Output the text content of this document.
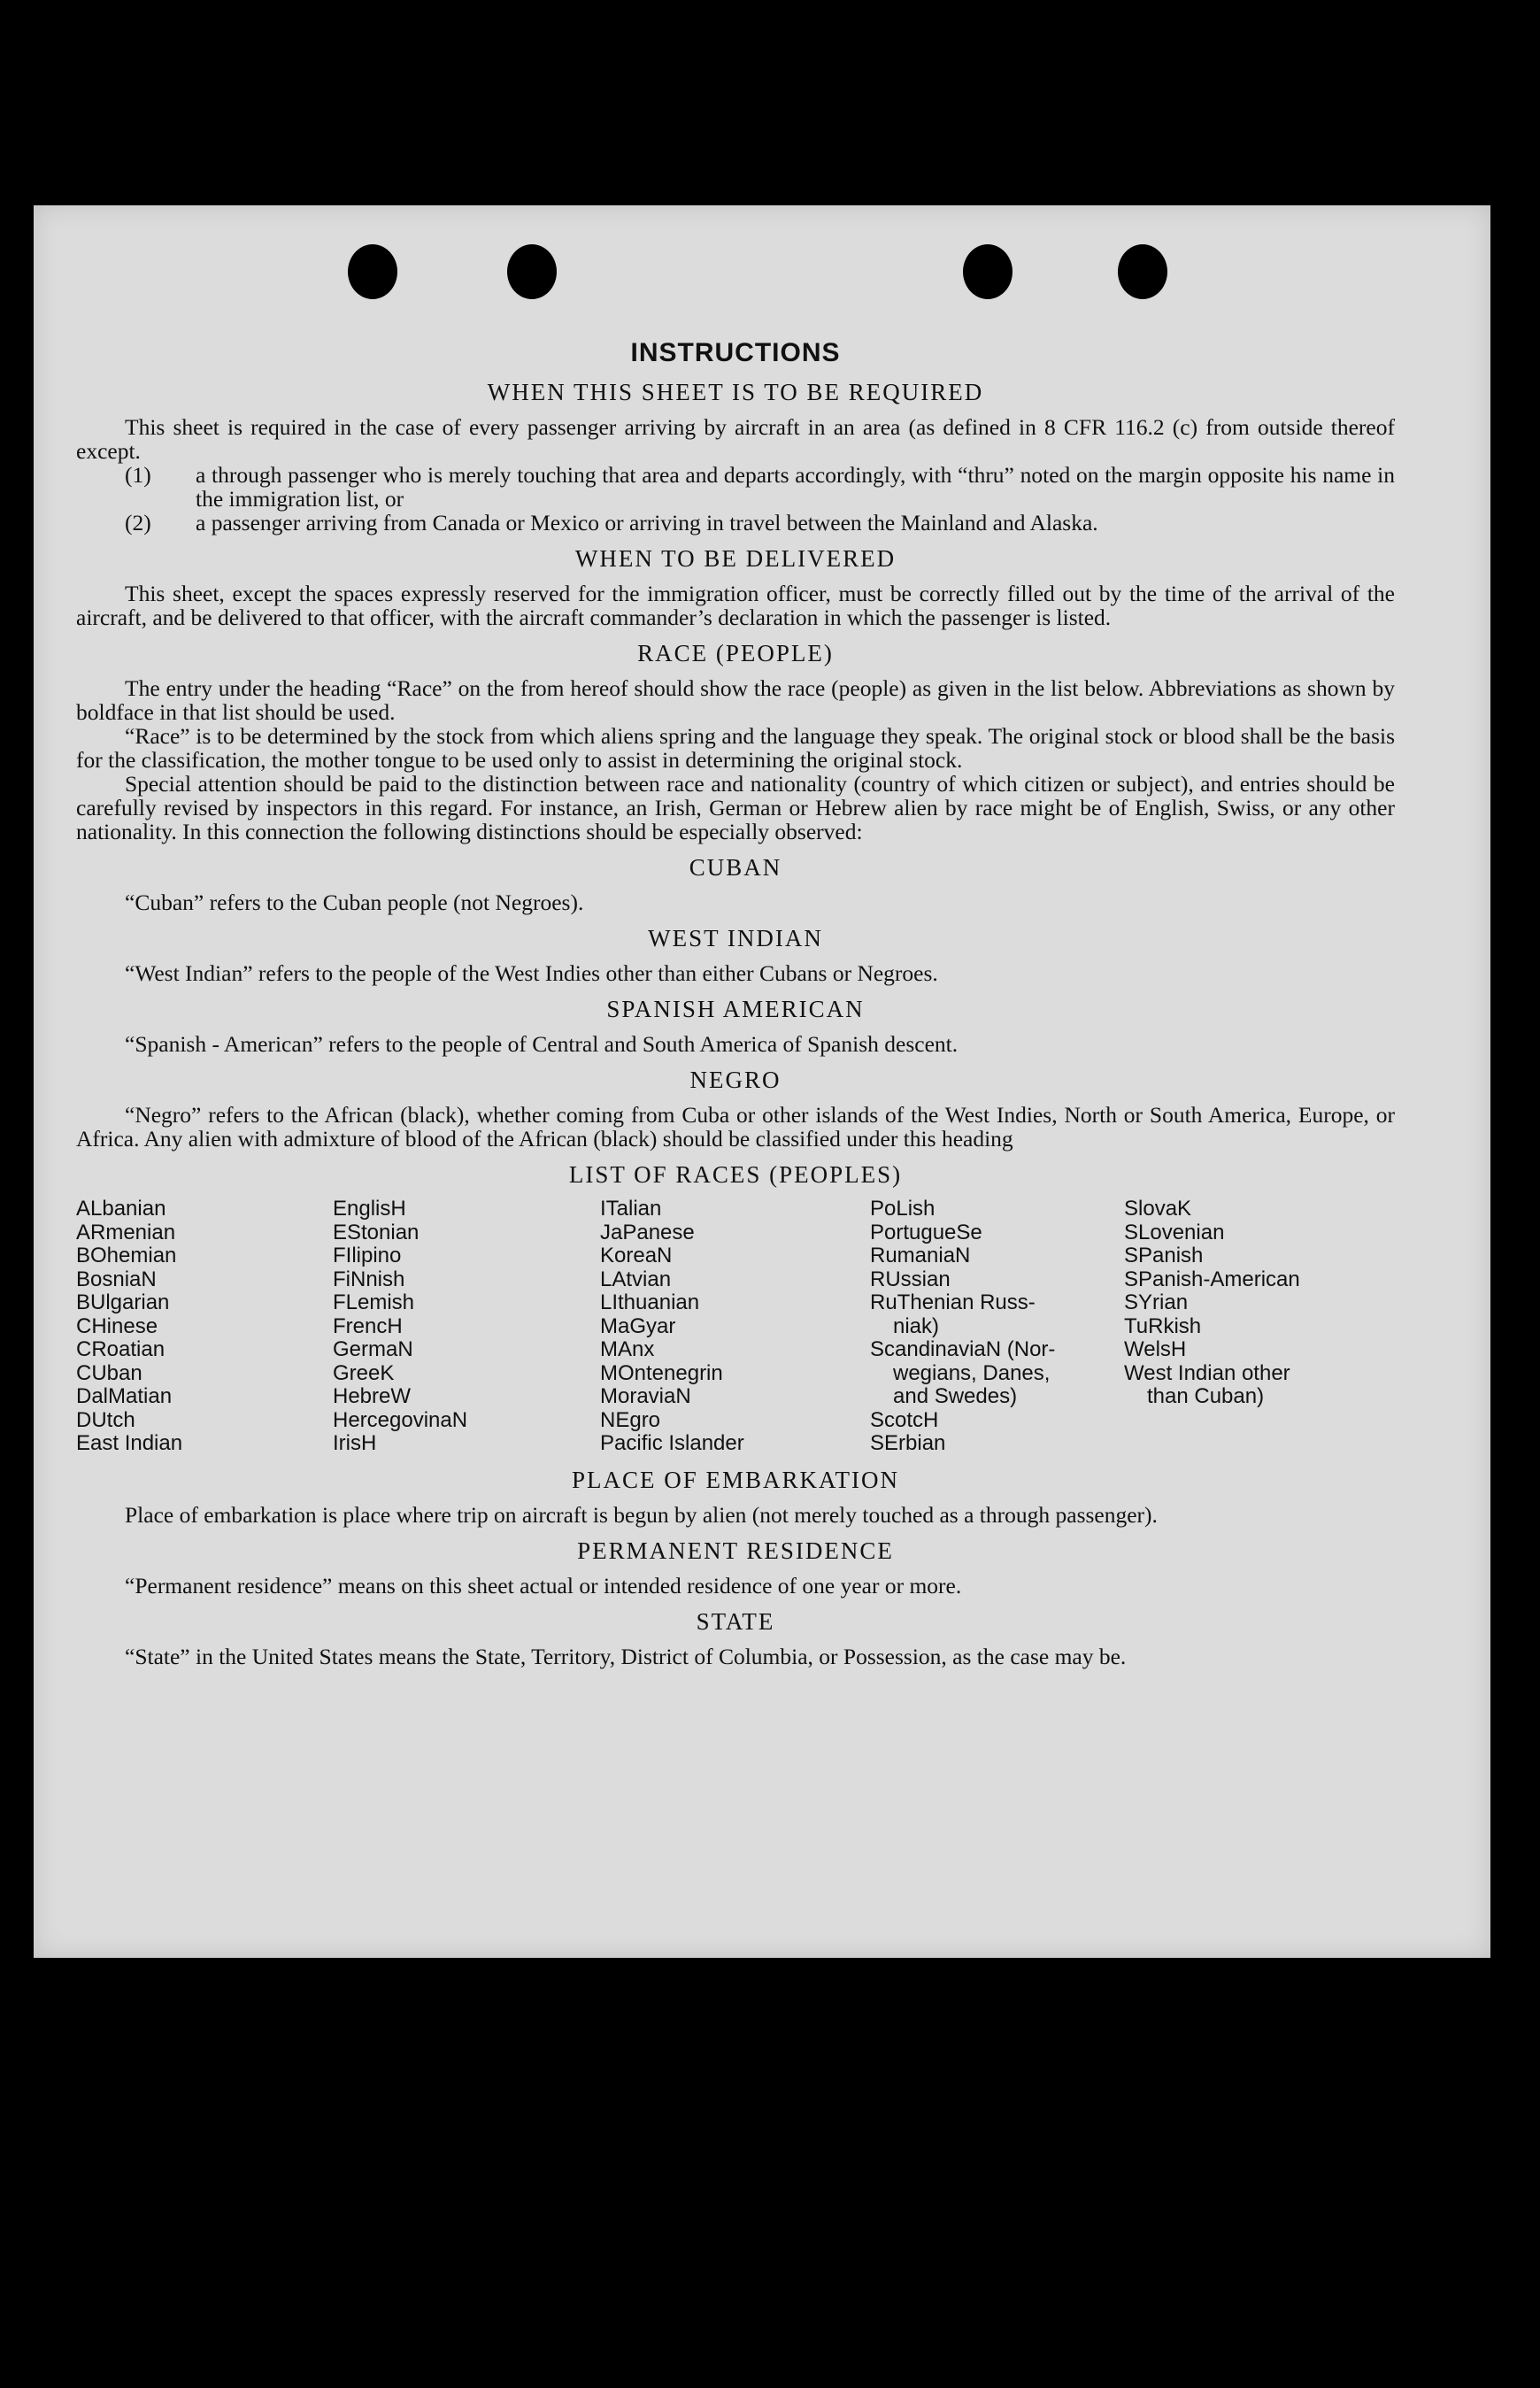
INSTRUCTIONS
WHEN THIS SHEET IS TO BE REQUIRED

This sheet is required in the case of every passenger arriving by aircraft in an area (as defined in 8 CFR 116.2 (c) from outside thereof except.

(1)	a through passenger who is merely touching that area and departs accordingly, with “thru” noted on the margin opposite his name in the immigration list, or
(2)	a passenger arriving from Canada or Mexico or arriving in travel between the Mainland and Alaska.
WHEN TO BE DELIVERED

This sheet, except the spaces expressly reserved for the immigration officer, must be correctly filled out by the time of the arrival of the aircraft, and be delivered to that officer, with the aircraft commander’s declaration in which the passenger is listed.

RACE (PEOPLE)

The entry under the heading “Race” on the from hereof should show the race (people) as given in the list below. Abbreviations as shown by boldface in that list should be used.

“Race” is to be determined by the stock from which aliens spring and the language they speak. The original stock or blood shall be the basis for the classification, the mother tongue to be used only to assist in determining the original stock.

Special attention should be paid to the distinction between race and nationality (country of which citizen or subject), and entries should be carefully revised by inspectors in this regard. For instance, an Irish, German or Hebrew alien by race might be of English, Swiss, or any other nationality. In this connection the following distinctions should be especially observed:

CUBAN

“Cuban” refers to the Cuban people (not Negroes).

WEST INDIAN

“West Indian” refers to the people of the West Indies other than either Cubans or Negroes.

SPANISH AMERICAN

“Spanish - American” refers to the people of Central and South America of Spanish descent.

NEGRO

“Negro” refers to the African (black), whether coming from Cuba or other islands of the West Indies, North or South America, Europe, or Africa. Any alien with admixture of blood of the African (black) should be classified under this heading

LIST OF RACES (PEOPLES)
ALbanian
ARmenian
BOhemian
BosniaN
BUlgarian
CHinese
CRoatian
CUban
DalMatian
DUtch
East Indian
EnglisH
EStonian
FIlipino
FiNnish
FLemish
FrencH
GermaN
GreeK
HebreW
HercegovinaN
IrisH
ITalian
JaPanese
KoreaN
LAtvian
LIthuanian
MaGyar
MAnx
MOntenegrin
MoraviaN
NEgro
Pacific Islander
PoLish
PortugueSe
RumaniaN
RUssian
RuThenian Russ-
niak)
ScandinaviaN (Nor-
wegians, Danes,
and Swedes)
ScotcH
SErbian
SlovaK
SLovenian
SPanish
SPanish-American
SYrian
TuRkish
WelsH
West Indian other
than Cuban)
PLACE OF EMBARKATION

Place of embarkation is place where trip on aircraft is begun by alien (not merely touched as a through passenger).

PERMANENT RESIDENCE

“Permanent residence” means on this sheet actual or intended residence of one year or more.

STATE

“State” in the United States means the State, Territory, District of Columbia, or Possession, as the case may be.
